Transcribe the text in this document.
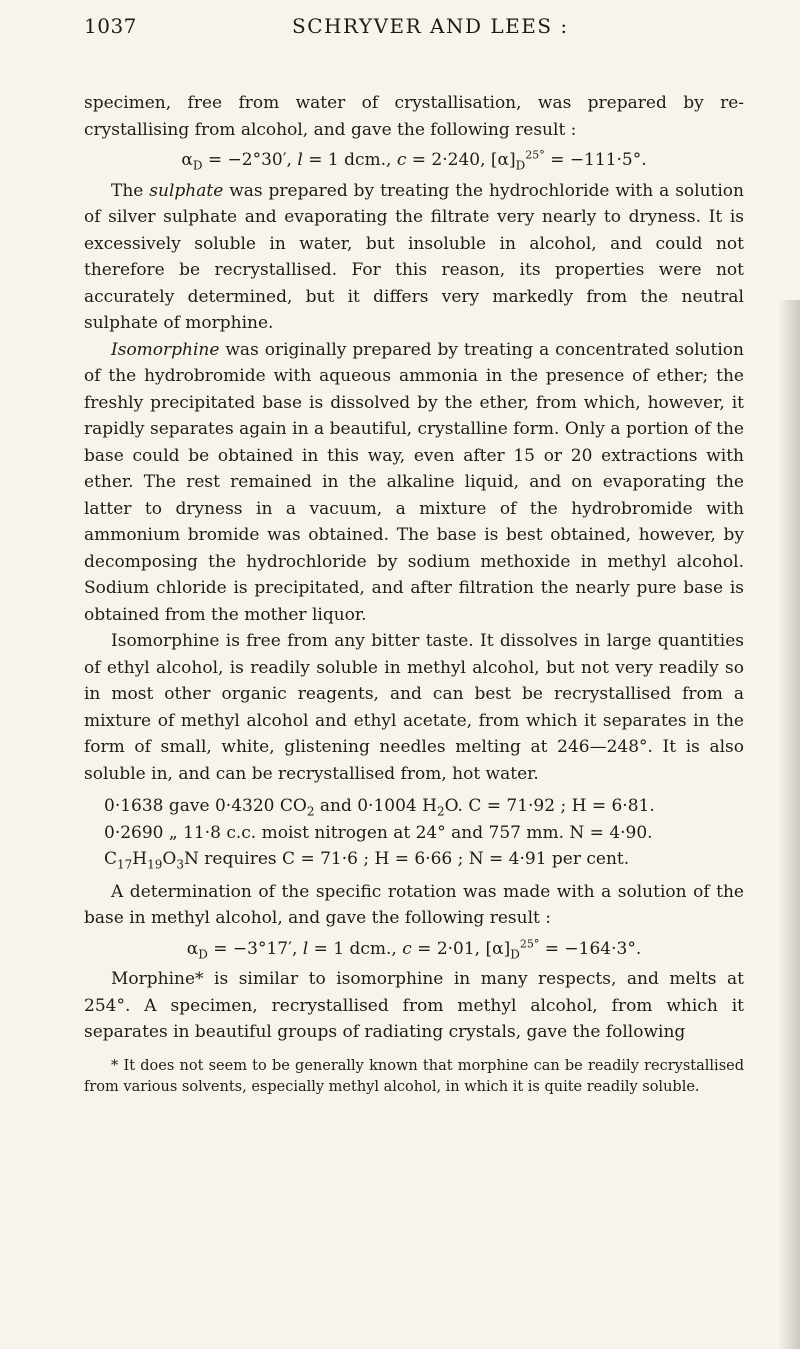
1037	SCHRYVER AND LEES :

specimen, free from water of crystallisation, was prepared by re-crystallising from alcohol, and gave the following result :

$\alpha_D = -2^\circ 30'$, l = 1 dcm., c = 2·240, $[\alpha]_D^{25^\circ} = -111\cdot 5^\circ$.

The sulphate was prepared by treating the hydrochloride with a solution of silver sulphate and evaporating the filtrate very nearly to dryness. It is excessively soluble in water, but insoluble in alcohol, and could not therefore be recrystallised. For this reason, its properties were not accurately determined, but it differs very markedly from the neutral sulphate of morphine.

Isomorphine was originally prepared by treating a concentrated solution of the hydrobromide with aqueous ammonia in the presence of ether; the freshly precipitated base is dissolved by the ether, from which, however, it rapidly separates again in a beautiful, crystalline form. Only a portion of the base could be obtained in this way, even after 15 or 20 extractions with ether. The rest remained in the alkaline liquid, and on evaporating the latter to dryness in a vacuum, a mixture of the hydrobromide with ammonium bromide was obtained. The base is best obtained, however, by decomposing the hydrochloride by sodium methoxide in methyl alcohol. Sodium chloride is precipitated, and after filtration the nearly pure base is obtained from the mother liquor.

Isomorphine is free from any bitter taste. It dissolves in large quantities of ethyl alcohol, is readily soluble in methyl alcohol, but not very readily so in most other organic reagents, and can best be recrystallised from a mixture of methyl alcohol and ethyl acetate, from which it separates in the form of small, white, glistening needles melting at 246—248°. It is also soluble in, and can be recrystallised from, hot water.

0·1638 gave 0·4320 $CO_2$ and 0·1004 $H_2O$. C = 71·92 ; H = 6·81.
0·2690 „ 11·8 c.c. moist nitrogen at 24° and 757 mm. N = 4·90.
$C_{17}H_{19}O_3N$ requires C = 71·6 ; H = 6·66 ; N = 4·91 per cent.

A determination of the specific rotation was made with a solution of the base in methyl alcohol, and gave the following result :

$\alpha_D = -3^\circ 17'$, l = 1 dcm., c = 2·01, $[\alpha]_D^{25^\circ} = -164\cdot 3^\circ$.

Morphine* is similar to isomorphine in many respects, and melts at 254°. A specimen, recrystallised from methyl alcohol, from which it separates in beautiful groups of radiating crystals, gave the following

* It does not seem to be generally known that morphine can be readily recrystallised from various solvents, especially methyl alcohol, in which it is quite readily soluble.
